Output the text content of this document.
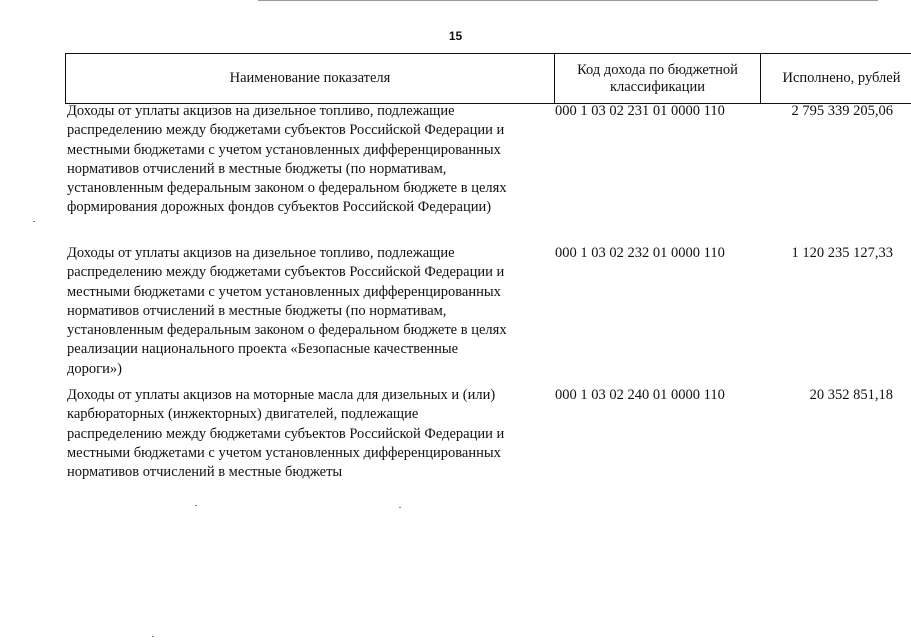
15
Наименование показателя	Код дохода по бюджетной классификации	Исполнено, рублей
Доходы от уплаты акцизов на дизельное топливо, подлежащие
распределению между бюджетами субъектов Российской Федерации и
местными бюджетами с учетом установленных дифференцированных
нормативов отчислений в местные бюджеты (по нормативам,
установленным федеральным законом о федеральном бюджете в целях
формирования дорожных фондов субъектов Российской Федерации)
000 1 03 02 231 01 0000 110	2 795 339 205,06
Доходы от уплаты акцизов на дизельное топливо, подлежащие
распределению между бюджетами субъектов Российской Федерации и
местными бюджетами с учетом установленных дифференцированных
нормативов отчислений в местные бюджеты (по нормативам,
установленным федеральным законом о федеральном бюджете в целях
реализации национального проекта «Безопасные качественные
дороги»)
000 1 03 02 232 01 0000 110	1 120 235 127,33
Доходы от уплаты акцизов на моторные масла для дизельных и (или)
карбюраторных (инжекторных) двигателей, подлежащие
распределению между бюджетами субъектов Российской Федерации и
местными бюджетами с учетом установленных дифференцированных
нормативов отчислений в местные бюджеты
000 1 03 02 240 01 0000 110	20 352 851,18
